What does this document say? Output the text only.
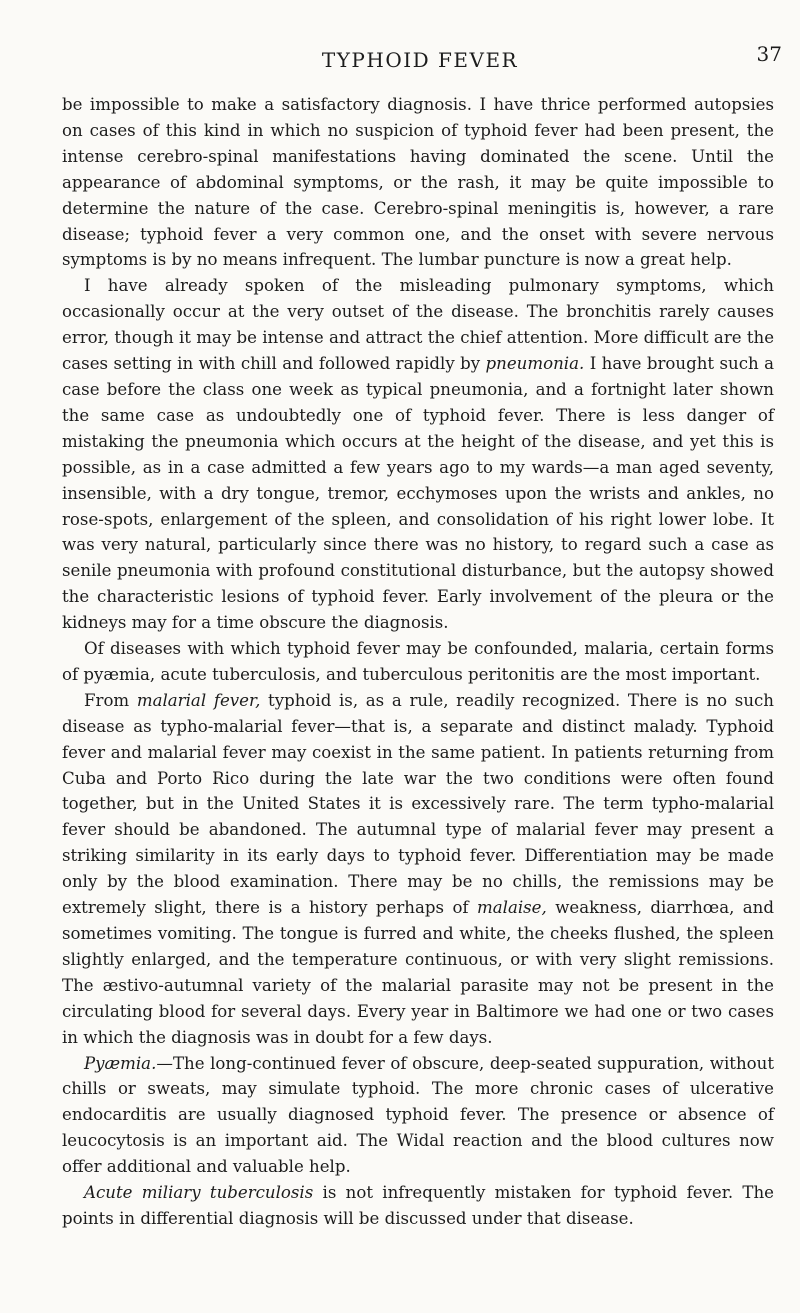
TYPHOID FEVER	37

be impossible to make a satisfactory diagnosis. I have thrice performed autopsies on cases of this kind in which no suspicion of typhoid fever had been present, the intense cerebro-spinal manifestations having dominated the scene. Until the appearance of abdominal symptoms, or the rash, it may be quite impossible to determine the nature of the case. Cerebro-spinal meningitis is, however, a rare disease; typhoid fever a very common one, and the onset with severe nervous symptoms is by no means infrequent. The lumbar puncture is now a great help.

I have already spoken of the misleading pulmonary symptoms, which occasionally occur at the very outset of the disease. The bronchitis rarely causes error, though it may be intense and attract the chief attention. More difficult are the cases setting in with chill and followed rapidly by pneumonia. I have brought such a case before the class one week as typical pneumonia, and a fortnight later shown the same case as undoubtedly one of typhoid fever. There is less danger of mistaking the pneumonia which occurs at the height of the disease, and yet this is possible, as in a case admitted a few years ago to my wards—a man aged seventy, insensible, with a dry tongue, tremor, ecchymoses upon the wrists and ankles, no rose-spots, enlargement of the spleen, and consolidation of his right lower lobe. It was very natural, particularly since there was no history, to regard such a case as senile pneumonia with profound constitutional disturbance, but the autopsy showed the characteristic lesions of typhoid fever. Early involvement of the pleura or the kidneys may for a time obscure the diagnosis.

Of diseases with which typhoid fever may be confounded, malaria, certain forms of pyæmia, acute tuberculosis, and tuberculous peritonitis are the most important.

From malarial fever, typhoid is, as a rule, readily recognized. There is no such disease as typho-malarial fever—that is, a separate and distinct malady. Typhoid fever and malarial fever may coexist in the same patient. In patients returning from Cuba and Porto Rico during the late war the two conditions were often found together, but in the United States it is excessively rare. The term typho-malarial fever should be abandoned. The autumnal type of malarial fever may present a striking similarity in its early days to typhoid fever. Differentiation may be made only by the blood examination. There may be no chills, the remissions may be extremely slight, there is a history perhaps of malaise, weakness, diarrhœa, and sometimes vomiting. The tongue is furred and white, the cheeks flushed, the spleen slightly enlarged, and the temperature continuous, or with very slight remissions. The æstivo-autumnal variety of the malarial parasite may not be present in the circulating blood for several days. Every year in Baltimore we had one or two cases in which the diagnosis was in doubt for a few days.

Pyæmia.—The long-continued fever of obscure, deep-seated suppuration, without chills or sweats, may simulate typhoid. The more chronic cases of ulcerative endocarditis are usually diagnosed typhoid fever. The presence or absence of leucocytosis is an important aid. The Widal reaction and the blood cultures now offer additional and valuable help.

Acute miliary tuberculosis is not infrequently mistaken for typhoid fever. The points in differential diagnosis will be discussed under that disease.
